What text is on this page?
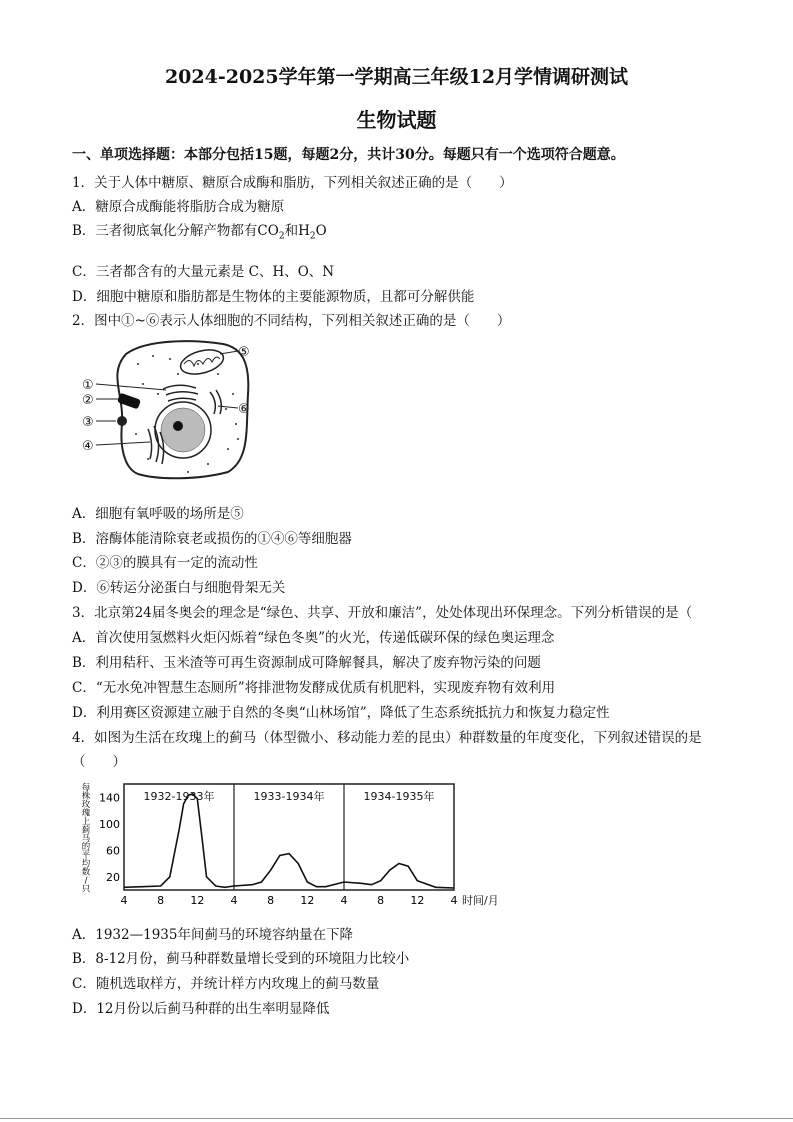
2024-2025学年第一学期高三年级12月学情调研测试
生物试题
一、单项选择题：本部分包括15题，每题2分，共计30分。每题只有一个选项符合题意。
1．关于人体中糖原、糖原合成酶和脂肪，下列相关叙述正确的是（　　）
A．糖原合成酶能将脂肪合成为糖原
B．三者彻底氧化分解产物都有$CO_2$和$H_2O$
C．三者都含有的大量元素是 C、H、O、N
D．细胞中糖原和脂肪都是生物体的主要能源物质，且都可分解供能
2．图中①~⑥表示人体细胞的不同结构，下列相关叙述正确的是（　　）
①
②
③
④
⑤
⑥
A．细胞有氧呼吸的场所是⑤
B．溶酶体能清除衰老或损伤的①④⑥等细胞器
C．②③的膜具有一定的流动性
D．⑥转运分泌蛋白与细胞骨架无关
3．北京第24届冬奥会的理念是“绿色、共享、开放和廉洁”，处处体现出环保理念。下列分析错误的是（
A．首次使用氢燃料火炬闪烁着“绿色冬奥”的火光，传递低碳环保的绿色奥运理念
B．利用秸秆、玉米渣等可再生资源制成可降解餐具，解决了废弃物污染的问题
C．“无水免冲智慧生态厕所”将排泄物发酵成优质有机肥料，实现废弃物有效利用
D．利用赛区资源建立融于自然的冬奥“山林场馆”，降低了生态系统抵抗力和恢复力稳定性
4．如图为生活在玫瑰上的蓟马（体型微小、移动能力差的昆虫）种群数量的年度变化，下列叙述错误的是
（　　）
1932-1933年	1933-1934年	1934-1935年
每
株
玫
瑰
上
蓟
马
的
平
均
数
/
只
20
60
100
140
4	8 12 4	8 12 4	8 12 4 时间/月
A．1932—1935年间蓟马的环境容纳量在下降
B．8-12月份，蓟马种群数量增长受到的环境阻力比较小
C．随机选取样方，并统计样方内玫瑰上的蓟马数量
D．12月份以后蓟马种群的出生率明显降低
